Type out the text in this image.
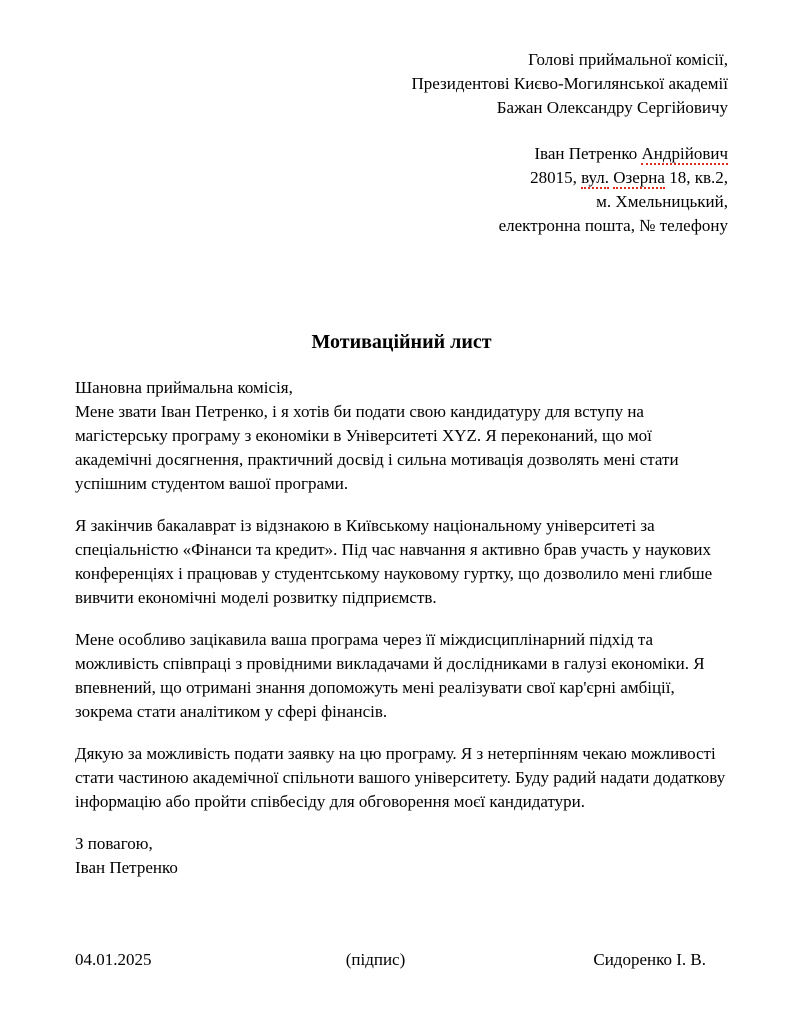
Голові приймальної комісії,
Президентові Києво-Могилянської академії
Бажан Олександру Сергійовичу
Іван Петренко Андрійович
28015, вул. Озерна 18, кв.2,
м. Хмельницький,
електронна пошта, № телефону
Мотиваційний лист
Шановна приймальна комісія,

Мене звати Іван Петренко, і я хотів би подати свою кандидатуру для вступу на магістерську програму з економіки в Університеті XYZ. Я переконаний, що мої академічні досягнення, практичний досвід і сильна мотивація дозволять мені стати успішним студентом вашої програми.

Я закінчив бакалаврат із відзнакою в Київському національному університеті за спеціальністю «Фінанси та кредит». Під час навчання я активно брав участь у наукових конференціях і працював у студентському науковому гуртку, що дозволило мені глибше вивчити економічні моделі розвитку підприємств.

Мене особливо зацікавила ваша програма через її міждисциплінарний підхід та можливість співпраці з провідними викладачами й дослідниками в галузі економіки. Я впевнений, що отримані знання допоможуть мені реалізувати свої кар'єрні амбіції, зокрема стати аналітиком у сфері фінансів.

Дякую за можливість подати заявку на цю програму. Я з нетерпінням чекаю можливості стати частиною академічної спільноти вашого університету. Буду радий надати додаткову інформацію або пройти співбесіду для обговорення моєї кандидатури.

З повагою,
Іван Петренко
04.01.2025	(підпис)	Сидоренко І. В.
